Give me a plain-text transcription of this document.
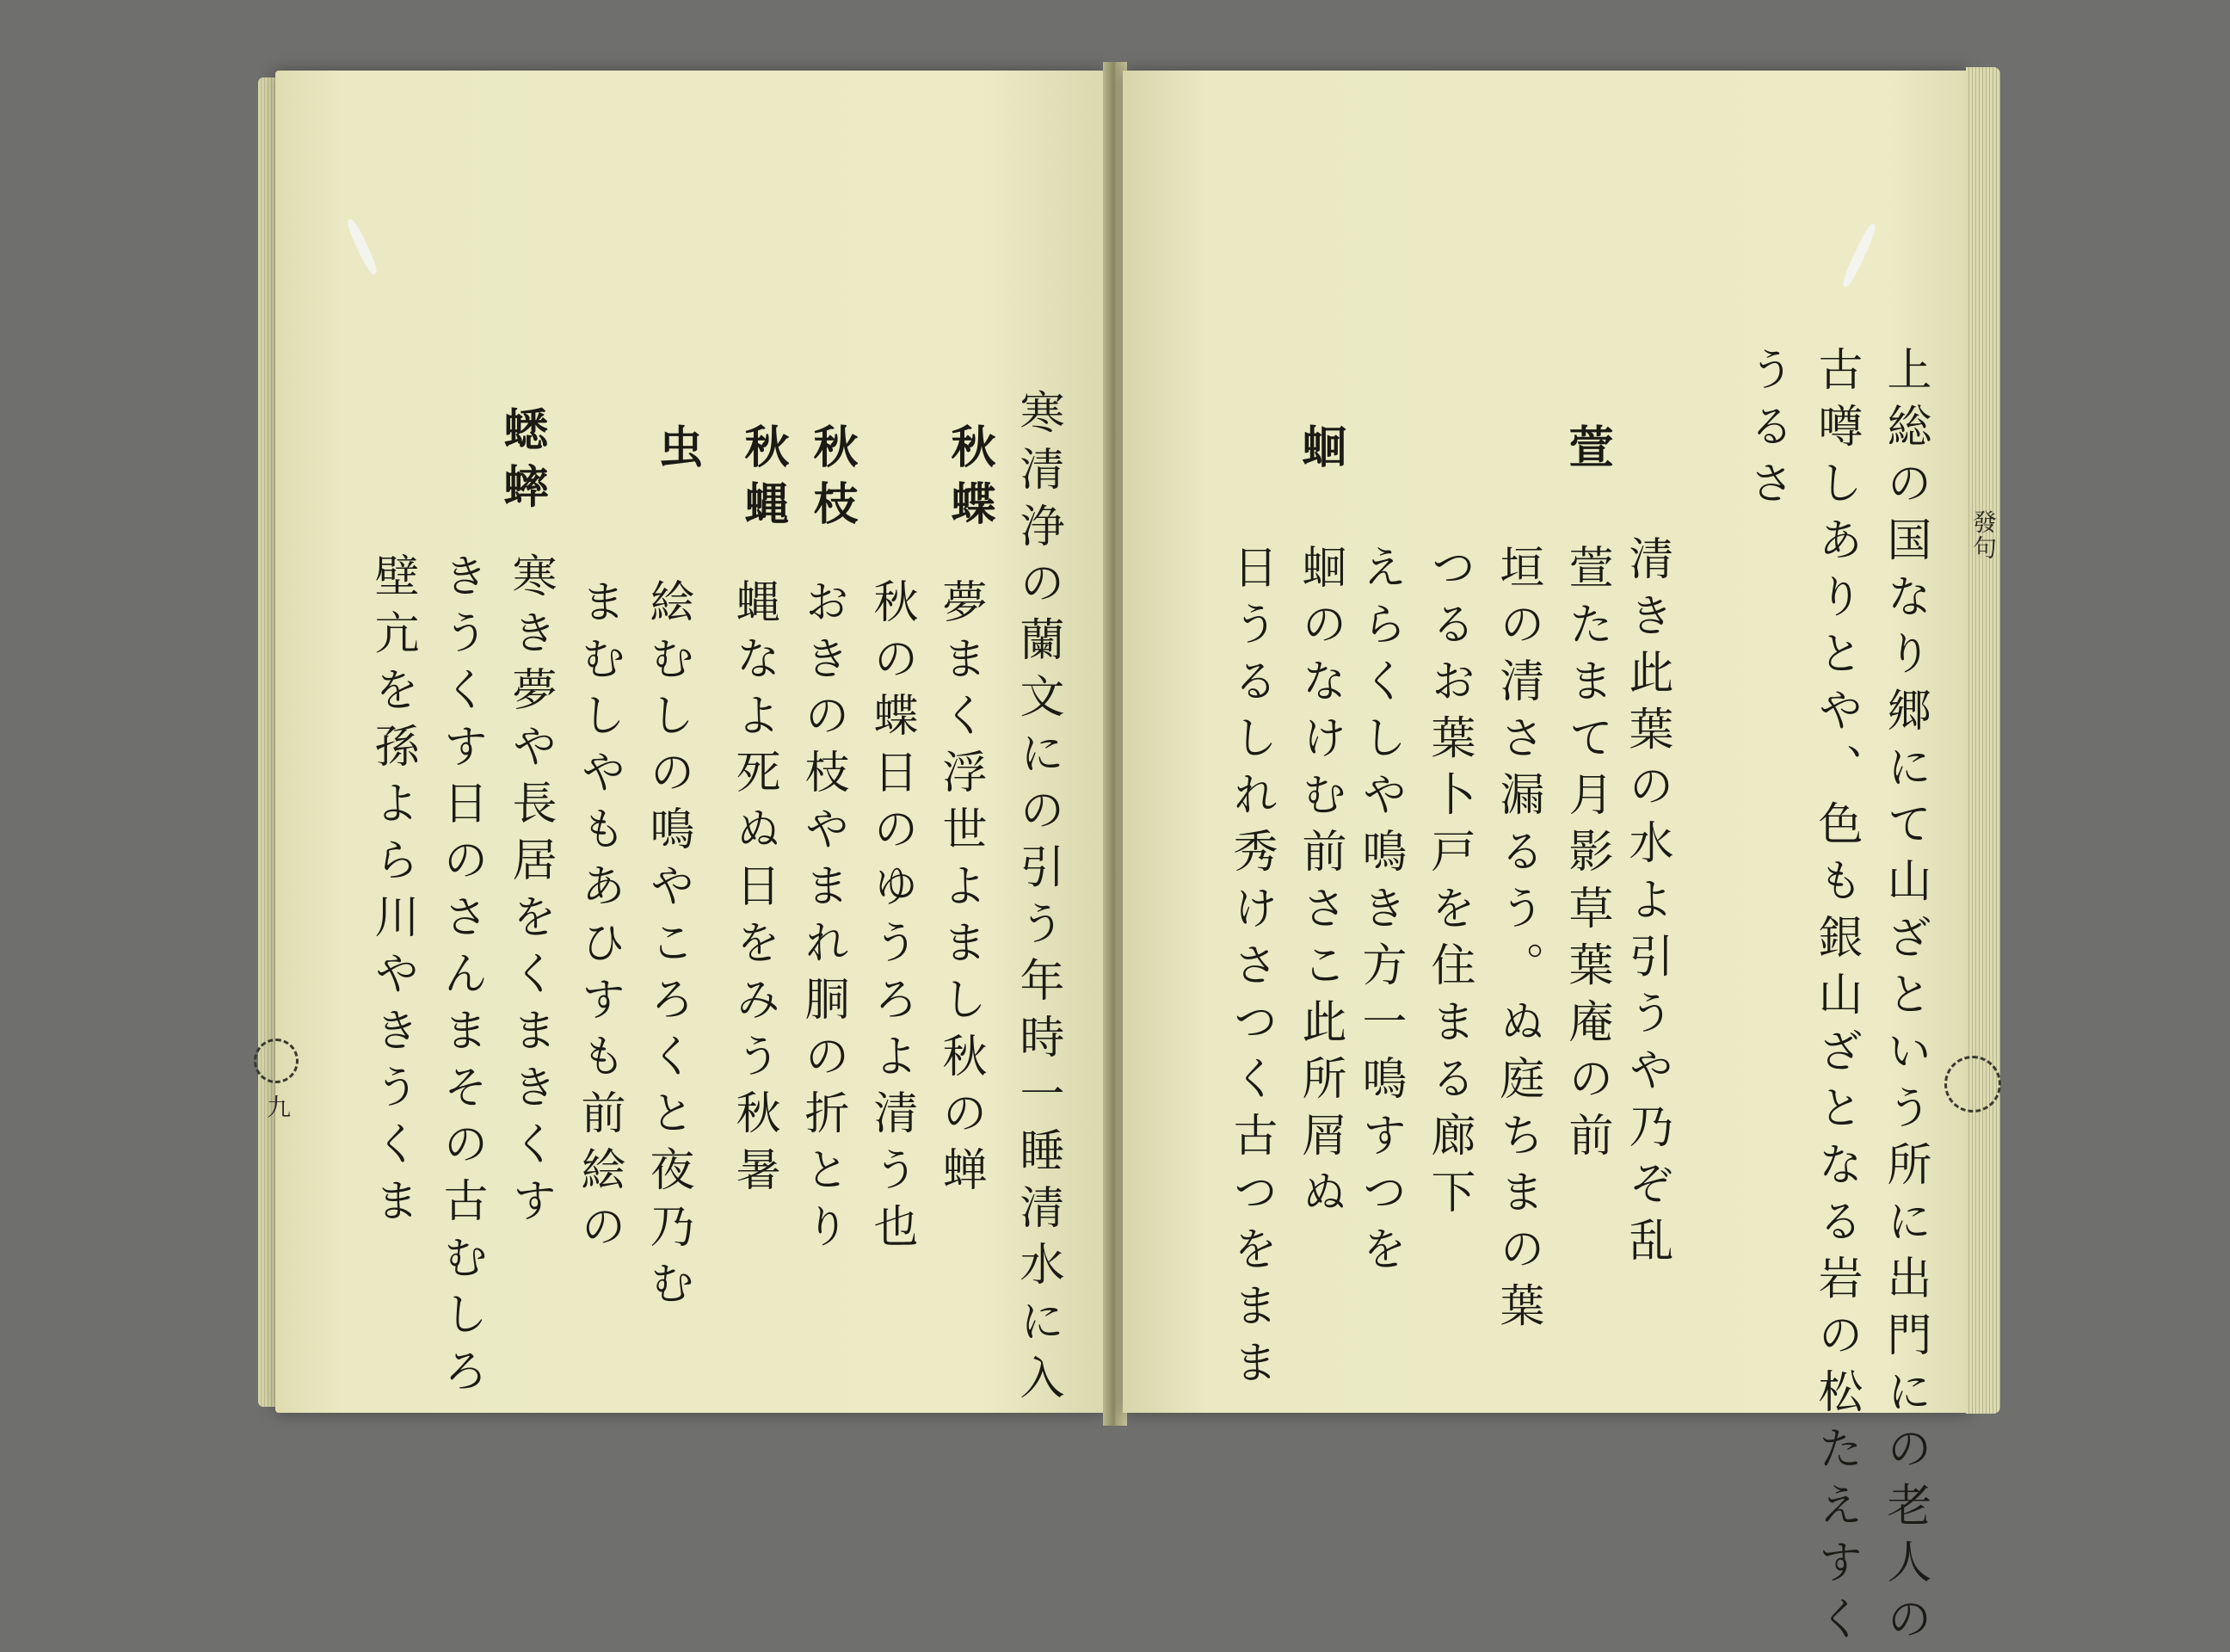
上総の国なり郷にて山ざという所に出門にの老人の
古噂しありとや、色も銀山ざとなる岩の松たえすく
うるさ
清き此葉の水よ引うや乃ぞ乱
萱
萱たまて月影草葉庵の前
垣の清さ漏るう。ぬ庭ちまの葉
つるお葉卜戸を住まる廊下
えらくしや鳴き方一鳴すつを
蛔
蛔のなけむ前さこ此所屑ぬ
日うるしれ秀けさつく古つをまま
寒清浄の蘭文にの引う年時一睡清水に入
秋蝶
夢まく浮世よまし秋の蝉
秋の蝶日のゆうろよ清う也
秋枝
おきの枝やまれ胴の折とり
秋蝿
蝿なよ死ぬ日をみう秋暑
虫
絵むしの鳴やころくと夜乃む
まむしやもあひすも前絵の
蟋蟀
寒き夢や長居をくまきくす
きうくす日のさんまその古むしろ
壁亢を孫よら川やきうくま
發句
九
